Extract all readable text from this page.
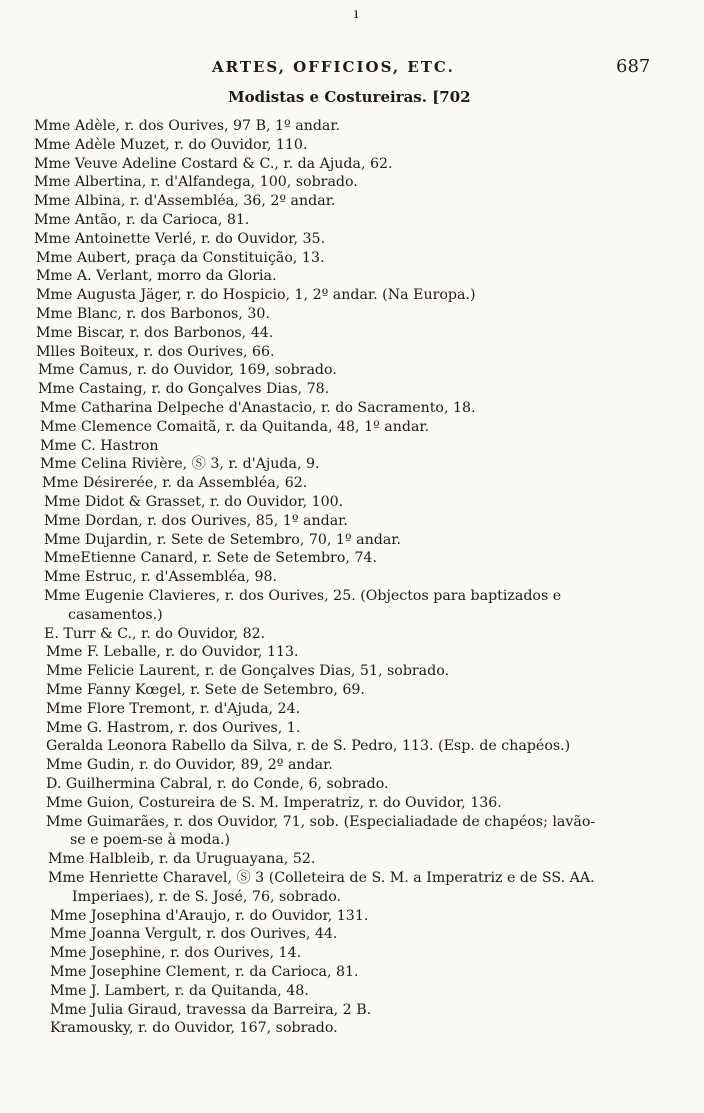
ı
ARTES, OFFICIOS, ETC.	687
Modistas e Costureiras. [702
Mme Adèle, r. dos Ourives, 97 B, 1º andar.
Mme Adèle Muzet, r. do Ouvidor, 110.
Mme Veuve Adeline Costard & C., r. da Ajuda, 62.
Mme Albertina, r. d'Alfandega, 100, sobrado.
Mme Albina, r. d'Assembléa, 36, 2º andar.
Mme Antão, r. da Carioca, 81.
Mme Antoinette Verlé, r. do Ouvidor, 35.
Mme Aubert, praça da Constituição, 13.
Mme A. Verlant, morro da Gloria.
Mme Augusta Jäger, r. do Hospicio, 1, 2º andar. (Na Europa.)
Mme Blanc, r. dos Barbonos, 30.
Mme Biscar, r. dos Barbonos, 44.
Mlles Boiteux, r. dos Ourives, 66.
Mme Camus, r. do Ouvidor, 169, sobrado.
Mme Castaing, r. do Gonçalves Dias, 78.
Mme Catharina Delpeche d'Anastacio, r. do Sacramento, 18.
Mme Clemence Comaitã, r. da Quitanda, 48, 1º andar.
Mme C. Hastron
Mme Celina Rivière, Ⓢ 3, r. d'Ajuda, 9.
Mme Désirerée, r. da Assembléa, 62.
Mme Didot & Grasset, r. do Ouvidor, 100.
Mme Dordan, r. dos Ourives, 85, 1º andar.
Mme Dujardin, r. Sete de Setembro, 70, 1º andar.
MmeEtienne Canard, r. Sete de Setembro, 74.
Mme Estruc, r. d'Assembléa, 98.
Mme Eugenie Clavieres, r. dos Ourives, 25. (Objectos para baptizados e
casamentos.)
E. Turr & C., r. do Ouvidor, 82.
Mme F. Leballe, r. do Ouvidor, 113.
Mme Felicie Laurent, r. de Gonçalves Dias, 51, sobrado.
Mme Fanny Kœgel, r. Sete de Setembro, 69.
Mme Flore Tremont, r. d'Ajuda, 24.
Mme G. Hastrom, r. dos Ourives, 1.
Geralda Leonora Rabello da Silva, r. de S. Pedro, 113. (Esp. de chapéos.)
Mme Gudin, r. do Ouvidor, 89, 2º andar.
D. Guilhermina Cabral, r. do Conde, 6, sobrado.
Mme Guion, Costureira de S. M. Imperatriz, r. do Ouvidor, 136.
Mme Guimarães, r. dos Ouvidor, 71, sob. (Especialiadade de chapéos; lavão-
se e poem-se à moda.)
Mme Halbleib, r. da Uruguayana, 52.
Mme Henriette Charavel, Ⓢ 3 (Colleteira de S. M. a Imperatriz e de SS. AA.
Imperiaes), r. de S. José, 76, sobrado.
Mme Josephina d'Araujo, r. do Ouvidor, 131.
Mme Joanna Vergult, r. dos Ourives, 44.
Mme Josephine, r. dos Ourives, 14.
Mme Josephine Clement, r. da Carioca, 81.
Mme J. Lambert, r. da Quitanda, 48.
Mme Julia Giraud, travessa da Barreira, 2 B.
Kramousky, r. do Ouvidor, 167, sobrado.
